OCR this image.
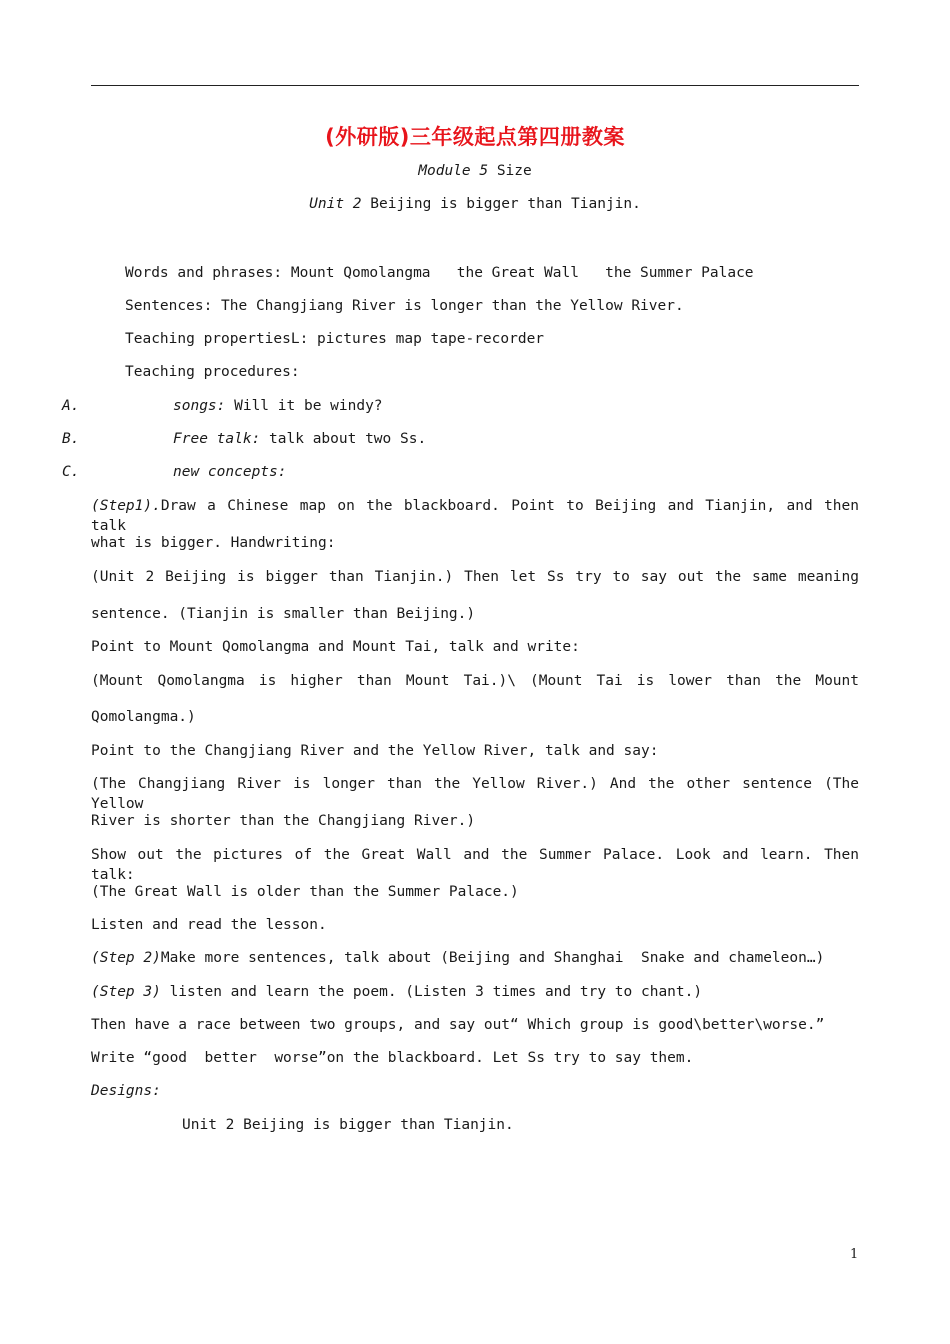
(外研版)三年级起点第四册教案
Module 5 Size
Unit 2 Beijing is bigger than Tianjin.
Words and phrases: Mount Qomolangma   the Great Wall   the Summer Palace
Sentences: The Changjiang River is longer than the Yellow River.
Teaching propertiesL: pictures map tape-recorder
Teaching procedures:
A.	songs: Will it be windy?
B.	Free talk: talk about two Ss.
C.	new concepts:
(Step1).Draw a Chinese map on the blackboard. Point to Beijing and Tianjin, and then talk
what is bigger. Handwriting:
(Unit 2 Beijing is bigger than Tianjin.) Then let Ss try to say out the same meaning
sentence. (Tianjin is smaller than Beijing.)
Point to Mount Qomolangma and Mount Tai, talk and write:
(Mount Qomolangma is higher than Mount Tai.)\ (Mount Tai is lower than the Mount
Qomolangma.)
Point to the Changjiang River and the Yellow River, talk and say:
(The Changjiang River is longer than the Yellow River.) And the other sentence (The Yellow
River is shorter than the Changjiang River.)
Show out the pictures of the Great Wall and the Summer Palace. Look and learn. Then talk:
(The Great Wall is older than the Summer Palace.)
Listen and read the lesson.
(Step 2)Make more sentences, talk about (Beijing and Shanghai  Snake and chameleon…)
(Step 3) listen and learn the poem. (Listen 3 times and try to chant.)
Then have a race between two groups, and say out“ Which group is good\better\worse.”
Write “good  better  worse”on the blackboard. Let Ss try to say them.
Designs:
Unit 2 Beijing is bigger than Tianjin.
1
